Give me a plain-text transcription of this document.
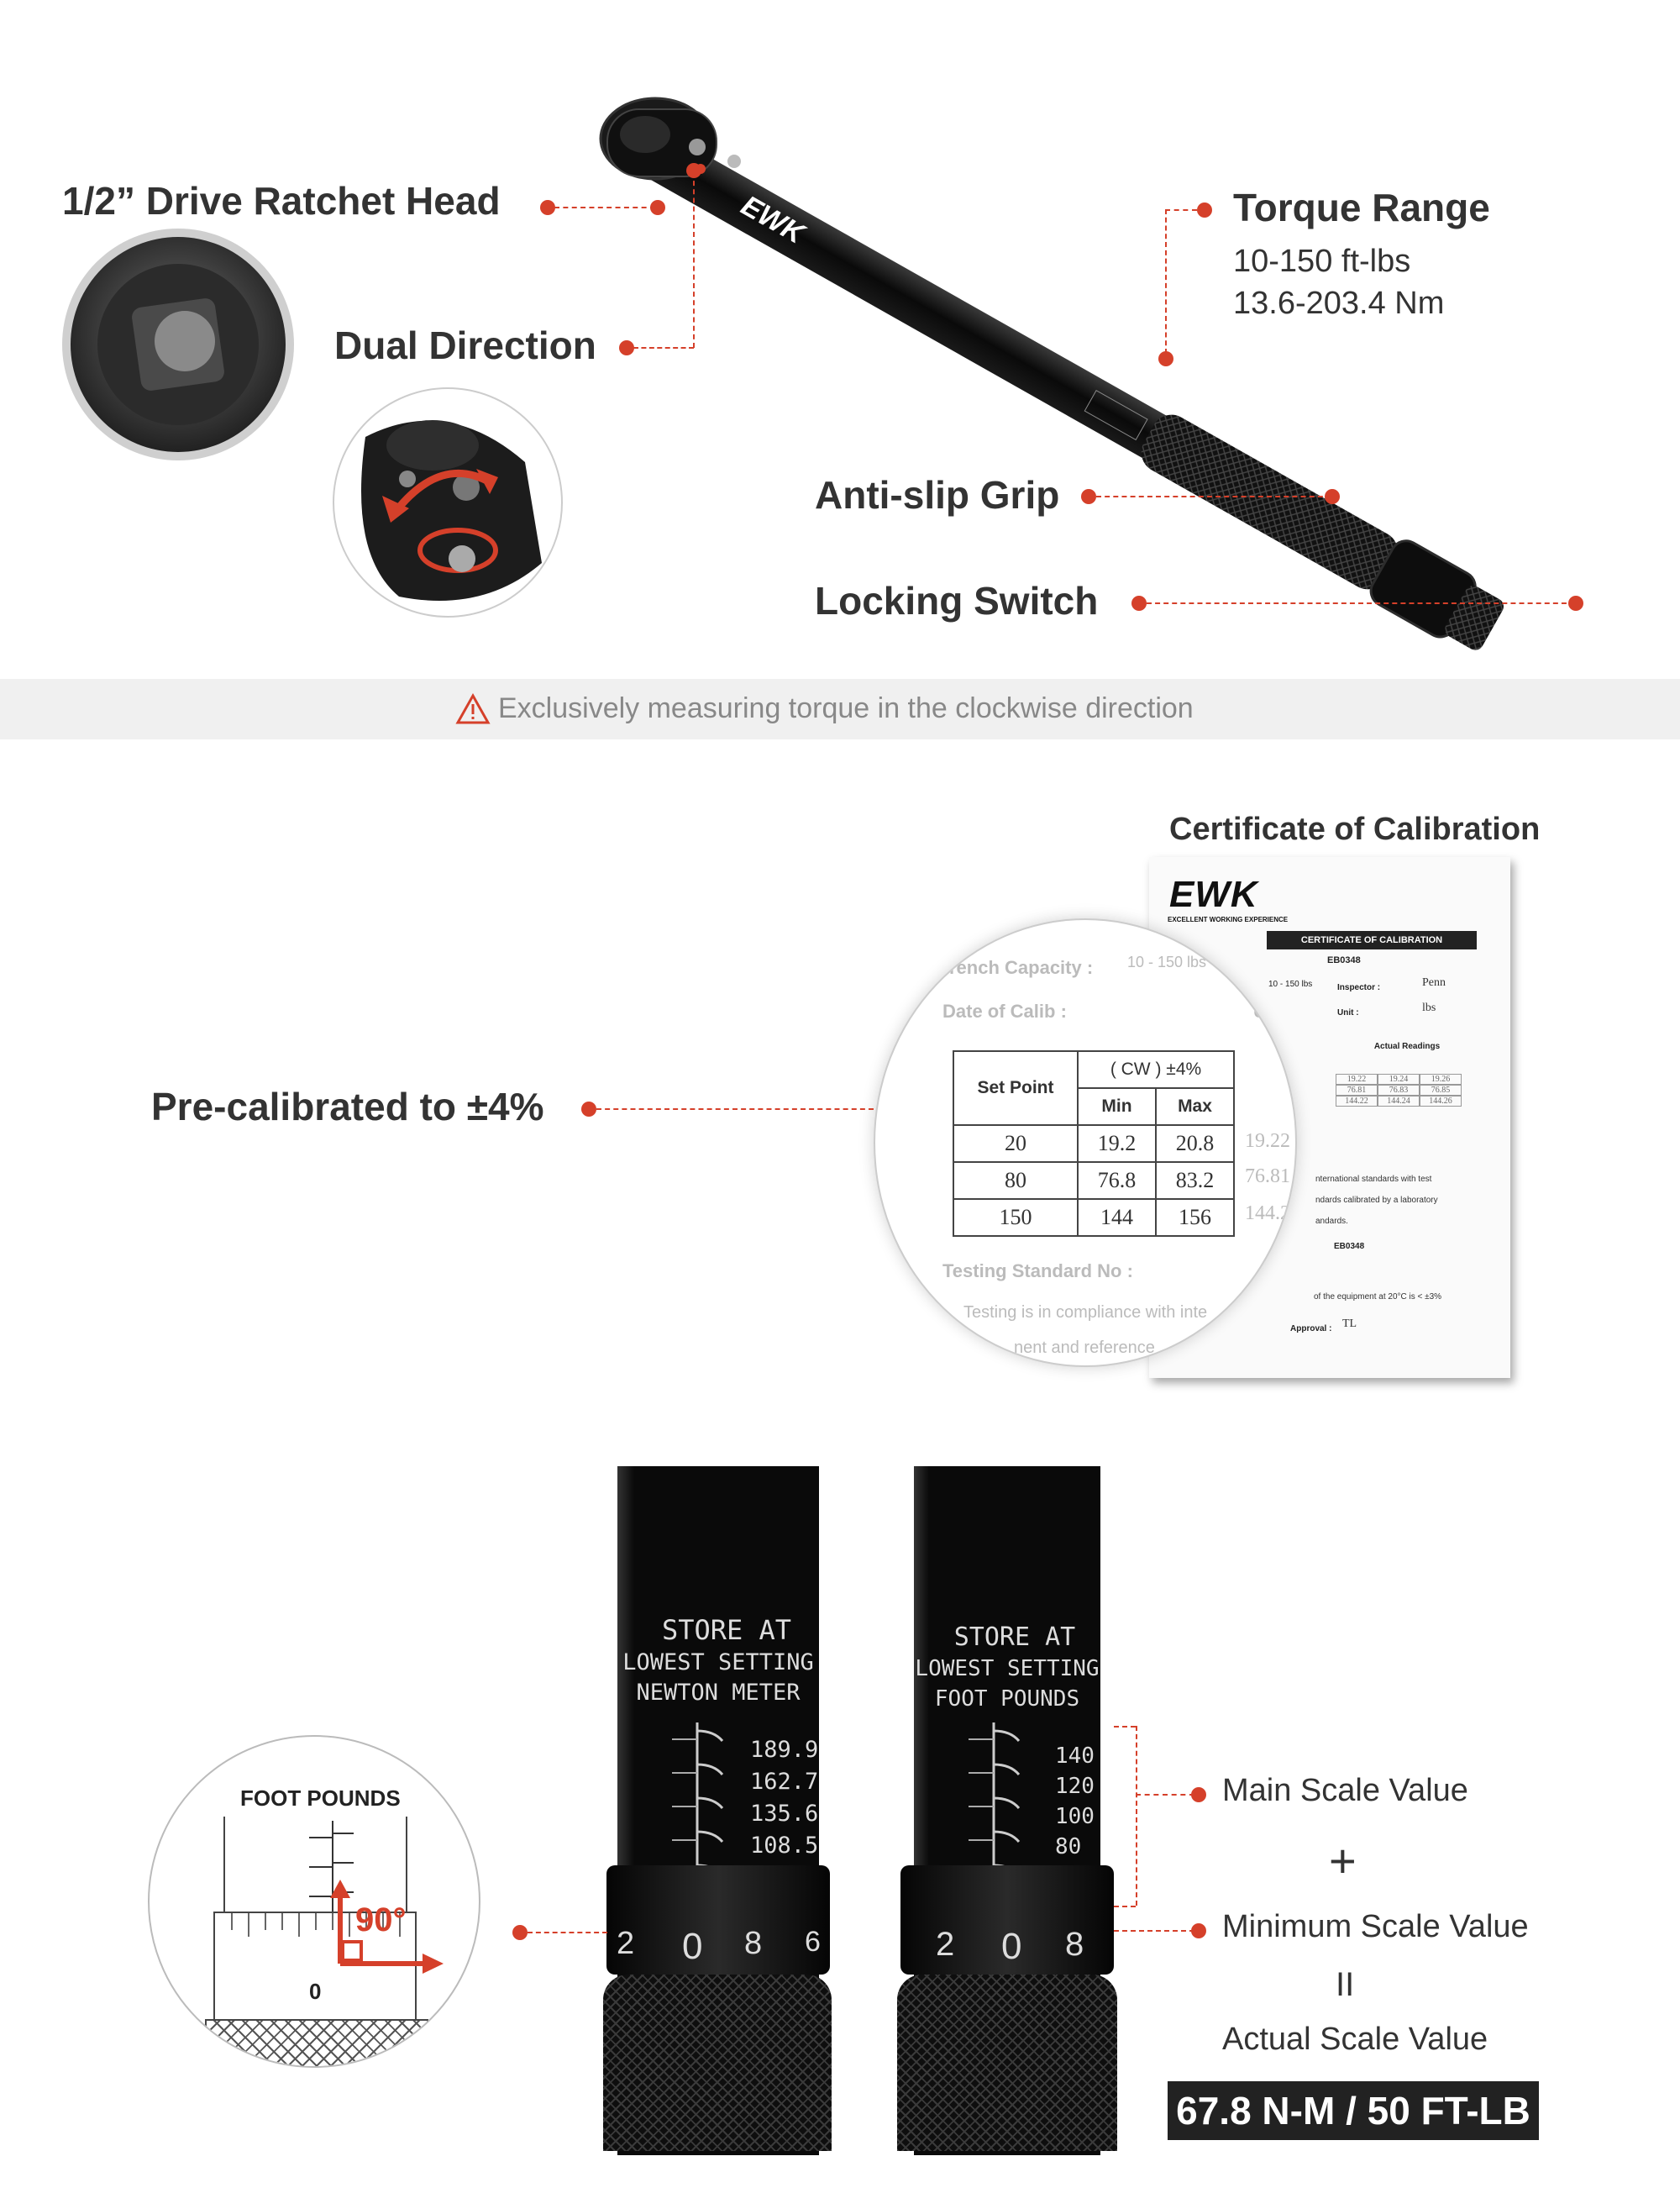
EWK
1/2” Drive Ratchet Head
Dual Direction
Torque Range
10-150 ft-lbs
13.6-203.4 Nm
Anti-slip Grip
Locking Switch
Exclusively measuring torque in the clockwise direction
Certificate of Calibration
EWK
EXCELLENT WORKING EXPERIENCE
CERTIFICATE OF CALIBRATION
EB0348
10 - 150 lbs	Inspector :	Penn
Unit :	lbs
Actual Readings
19.22	19.24	19.26
76.81	76.83	76.85
144.22	144.24	144.26
nternational standards with test
ndards calibrated by a laboratory
andards.
EB0348
of the equipment at 20°C is < ±3%
Approval : TL
rench Capacity : 10 - 150 lbs
Date of Calib :	Un
19.22
76.81
144.2
Set Point	( CW ) ±4%	
	Min	Max
20	19.2	20.8
80	76.8	83.2
150	144	156
Testing Standard No :
Testing is in compliance with inte
nent and reference
Pre-calibrated to ±4%
STORE AT
LOWEST SETTING
NEWTON METER
189.9
162.7
135.6
108.5
2 0 8 6
STORE AT
LOWEST SETTING
FOOT POUNDS
140
120
100
80
2 0 8
FOOT POUNDS
0
90°
Main Scale Value
+
Minimum Scale Value
II
Actual Scale Value
67.8 N-M / 50 FT-LB
